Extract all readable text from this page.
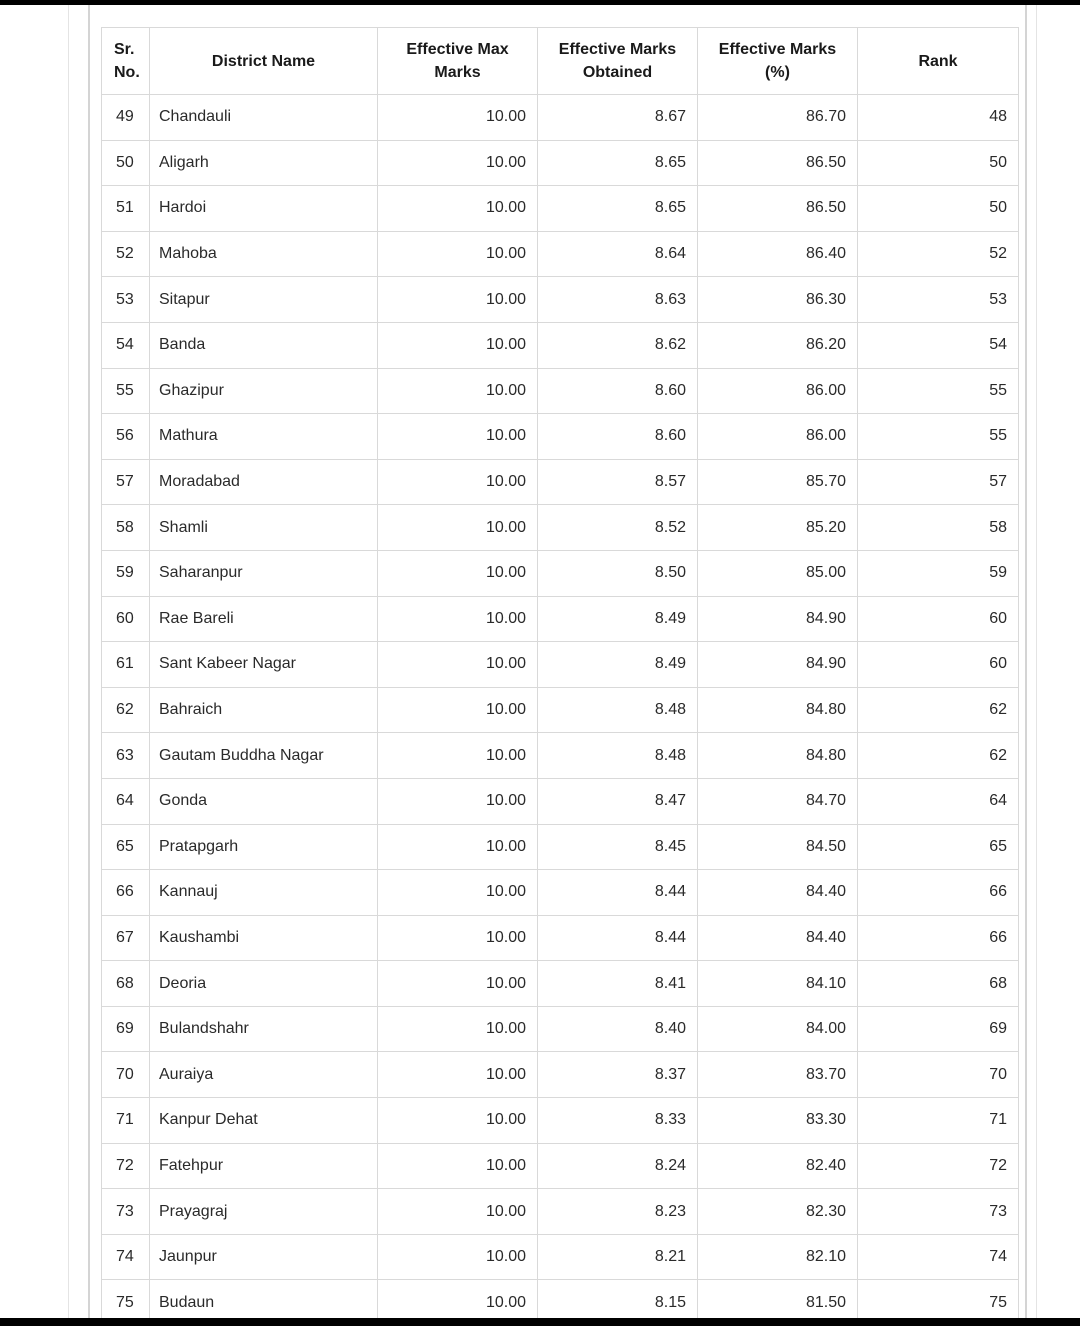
Sr. No.	District Name	Effective Max Marks	Effective Marks Obtained	Effective Marks (%)	Rank
49	Chandauli	10.00	8.67	86.70	48
50	Aligarh	10.00	8.65	86.50	50
51	Hardoi	10.00	8.65	86.50	50
52	Mahoba	10.00	8.64	86.40	52
53	Sitapur	10.00	8.63	86.30	53
54	Banda	10.00	8.62	86.20	54
55	Ghazipur	10.00	8.60	86.00	55
56	Mathura	10.00	8.60	86.00	55
57	Moradabad	10.00	8.57	85.70	57
58	Shamli	10.00	8.52	85.20	58
59	Saharanpur	10.00	8.50	85.00	59
60	Rae Bareli	10.00	8.49	84.90	60
61	Sant Kabeer Nagar	10.00	8.49	84.90	60
62	Bahraich	10.00	8.48	84.80	62
63	Gautam Buddha Nagar	10.00	8.48	84.80	62
64	Gonda	10.00	8.47	84.70	64
65	Pratapgarh	10.00	8.45	84.50	65
66	Kannauj	10.00	8.44	84.40	66
67	Kaushambi	10.00	8.44	84.40	66
68	Deoria	10.00	8.41	84.10	68
69	Bulandshahr	10.00	8.40	84.00	69
70	Auraiya	10.00	8.37	83.70	70
71	Kanpur Dehat	10.00	8.33	83.30	71
72	Fatehpur	10.00	8.24	82.40	72
73	Prayagraj	10.00	8.23	82.30	73
74	Jaunpur	10.00	8.21	82.10	74
75	Budaun	10.00	8.15	81.50	75
